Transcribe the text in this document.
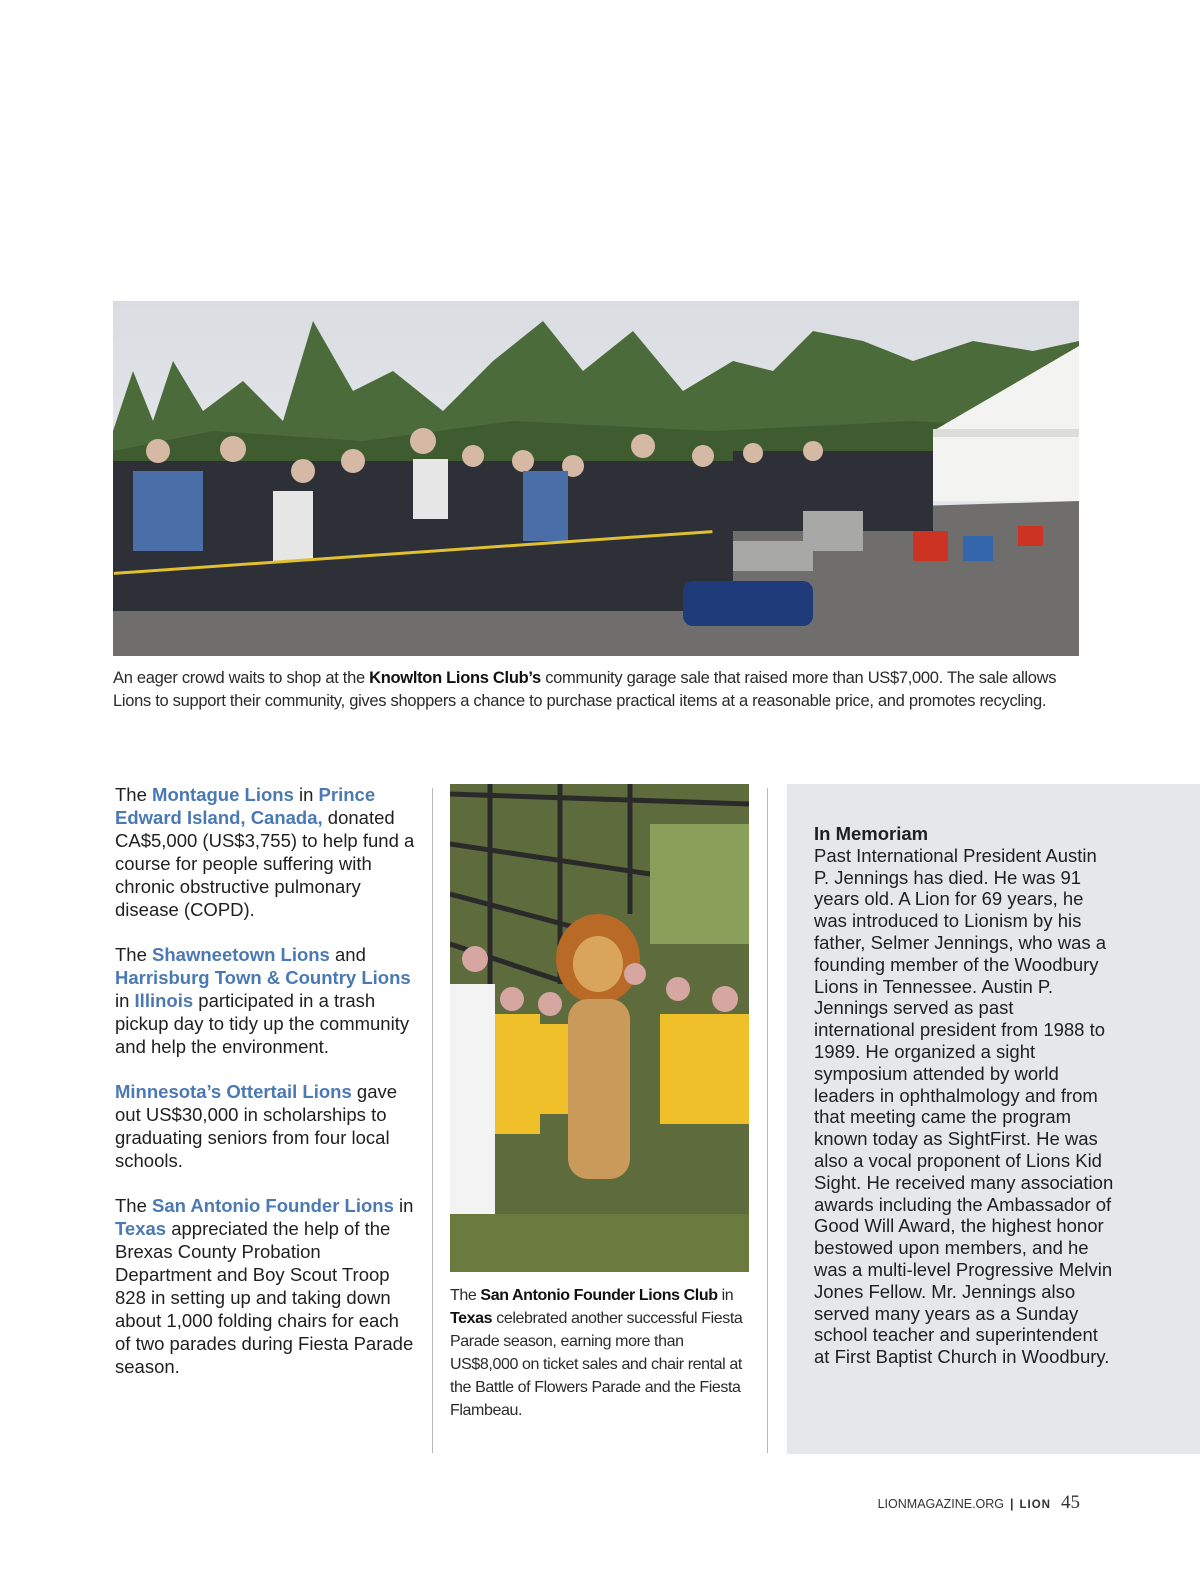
An eager crowd waits to shop at the Knowlton Lions Club’s community garage sale that raised more than US$7,000. The sale allows Lions to support their community, gives shoppers a chance to purchase practical items at a reasonable price, and promotes recycling.

The Montague Lions in Prince Edward Island, Canada, donated CA$5,000 (US$3,755) to help fund a course for people suffering with chronic obstructive pulmonary disease (COPD).

The Shawneetown Lions and Harrisburg Town & Country Lions in Illinois participated in a trash pickup day to tidy up the community and help the environment.

Minnesota’s Ottertail Lions gave out US$30,000 in scholarships to graduating seniors from four local schools.

The San Antonio Founder Lions in Texas appreciated the help of the Brexas County Probation Department and Boy Scout Troop 828 in setting up and taking down about 1,000 folding chairs for each of two parades during Fiesta Parade season.

The San Antonio Founder Lions Club in Texas celebrated another successful Fiesta Parade season, earning more than US$8,000 on ticket sales and chair rental at the Battle of Flowers Parade and the Fiesta Flambeau.
In Memoriam

Past International President Austin P. Jennings has died. He was 91 years old. A Lion for 69 years, he was introduced to Lionism by his father, Selmer Jennings, who was a founding member of the Woodbury Lions in Tennessee. Austin P. Jennings served as past international president from 1988 to 1989. He organized a sight symposium attended by world leaders in ophthalmology and from that meeting came the program known today as SightFirst. He was also a vocal proponent of Lions Kid Sight. He received many association awards including the Ambassador of Good Will Award, the highest honor bestowed upon members, and he was a multi-level Progressive Melvin Jones Fellow. Mr. Jennings also served many years as a Sunday school teacher and superintendent at First Baptist Church in Woodbury.

LIONMAGAZINE.ORG | LION 45
